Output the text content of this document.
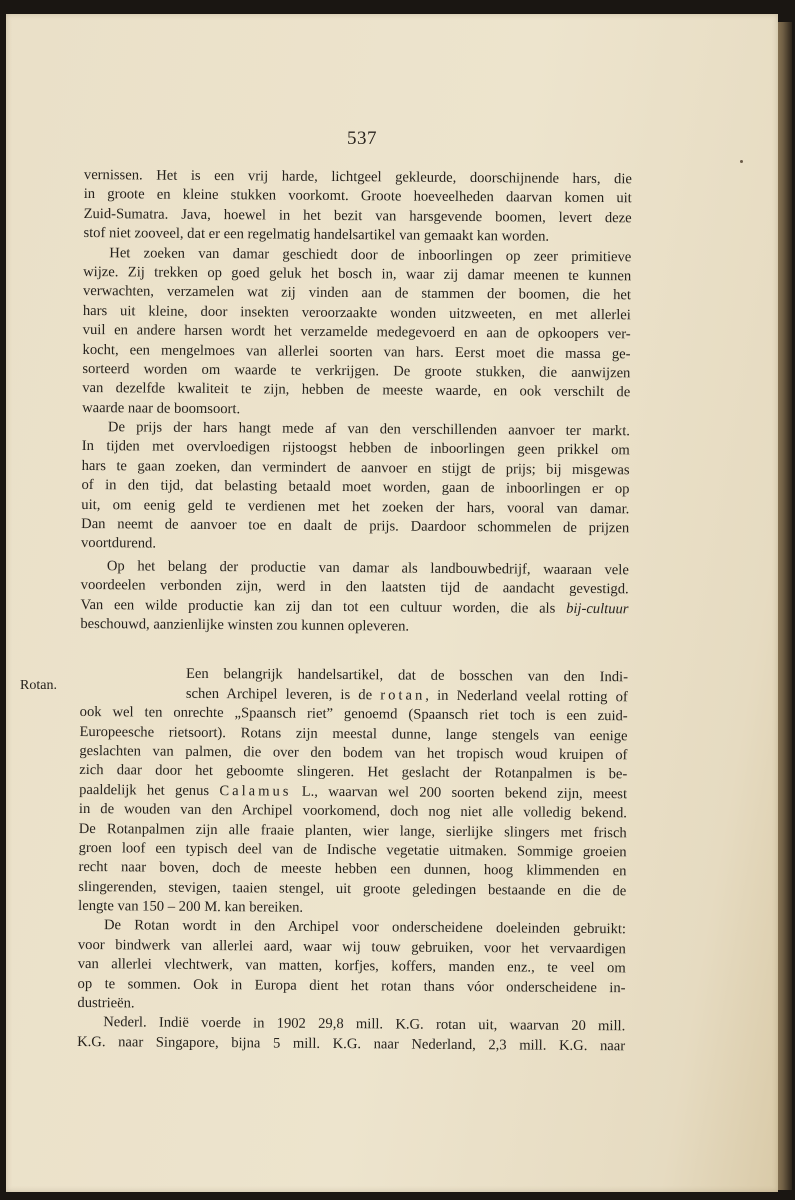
537
Rotan.
vernissen. Het is een vrij harde, lichtgeel gekleurde, doorschijnende hars, die
in groote en kleine stukken voorkomt. Groote hoeveelheden daarvan komen uit
Zuid-Sumatra. Java, hoewel in het bezit van harsgevende boomen, levert deze
stof niet zooveel, dat er een regelmatig handelsartikel van gemaakt kan worden.
Het zoeken van damar geschiedt door de inboorlingen op zeer primitieve
wijze. Zij trekken op goed geluk het bosch in, waar zij damar meenen te kunnen
verwachten, verzamelen wat zij vinden aan de stammen der boomen, die het
hars uit kleine, door insekten veroorzaakte wonden uitzweeten, en met allerlei
vuil en andere harsen wordt het verzamelde medegevoerd en aan de opkoopers ver-
kocht, een mengelmoes van allerlei soorten van hars. Eerst moet die massa ge-
sorteerd worden om waarde te verkrijgen. De groote stukken, die aanwijzen
van dezelfde kwaliteit te zijn, hebben de meeste waarde, en ook verschilt de
waarde naar de boomsoort.
De prijs der hars hangt mede af van den verschillenden aanvoer ter markt.
In tijden met overvloedigen rijstoogst hebben de inboorlingen geen prikkel om
hars te gaan zoeken, dan vermindert de aanvoer en stijgt de prijs; bij misgewas
of in den tijd, dat belasting betaald moet worden, gaan de inboorlingen er op
uit, om eenig geld te verdienen met het zoeken der hars, vooral van damar.
Dan neemt de aanvoer toe en daalt de prijs. Daardoor schommelen de prijzen
voortdurend.
Op het belang der productie van damar als landbouwbedrijf, waaraan vele
voordeelen verbonden zijn, werd in den laatsten tijd de aandacht gevestigd.
Van een wilde productie kan zij dan tot een cultuur worden, die als bij-cultuur
beschouwd, aanzienlijke winsten zou kunnen opleveren.
Een belangrijk handelsartikel, dat de bosschen van den Indi-
schen Archipel leveren, is de rotan, in Nederland veelal rotting of
ook wel ten onrechte „Spaansch riet” genoemd (Spaansch riet toch is een zuid-
Europeesche rietsoort). Rotans zijn meestal dunne, lange stengels van eenige
geslachten van palmen, die over den bodem van het tropisch woud kruipen of
zich daar door het geboomte slingeren. Het geslacht der Rotanpalmen is be-
paaldelijk het genus Calamus L., waarvan wel 200 soorten bekend zijn, meest
in de wouden van den Archipel voorkomend, doch nog niet alle volledig bekend.
De Rotanpalmen zijn alle fraaie planten, wier lange, sierlijke slingers met frisch
groen loof een typisch deel van de Indische vegetatie uitmaken. Sommige groeien
recht naar boven, doch de meeste hebben een dunnen, hoog klimmenden en
slingerenden, stevigen, taaien stengel, uit groote geledingen bestaande en die de
lengte van 150 – 200 M. kan bereiken.
De Rotan wordt in den Archipel voor onderscheidene doeleinden gebruikt:
voor bindwerk van allerlei aard, waar wij touw gebruiken, voor het vervaardigen
van allerlei vlechtwerk, van matten, korfjes, koffers, manden enz., te veel om
op te sommen. Ook in Europa dient het rotan thans vóor onderscheidene in-
dustrieën.
Nederl. Indië voerde in 1902 29,8 mill. K.G. rotan uit, waarvan 20 mill.
K.G. naar Singapore, bijna 5 mill. K.G. naar Nederland, 2,3 mill. K.G. naar
